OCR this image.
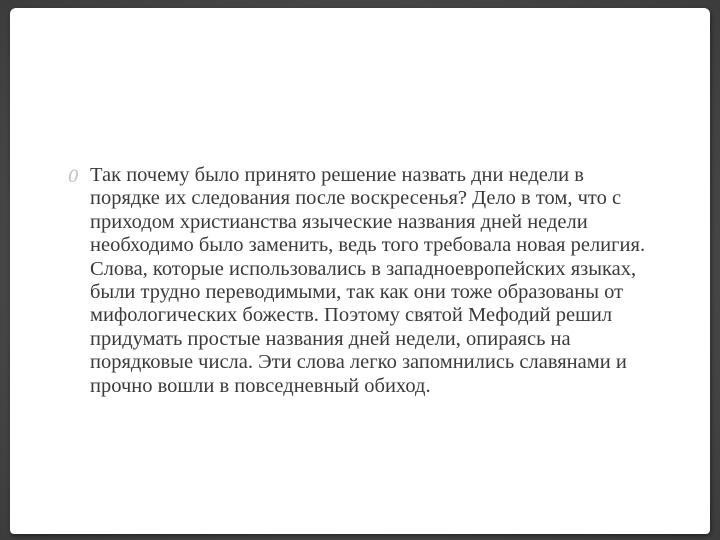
0 Так почему было принято решение назвать дни недели в порядке их следования после воскресенья? Дело в том, что с приходом христианства языческие названия дней недели необходимо было заменить, ведь того требовала новая религия. Слова, которые использовались в западноевропейских языках, были трудно переводимыми, так как они тоже образованы от мифологических божеств. Поэтому святой Мефодий решил придумать простые названия дней недели, опираясь на порядковые числа. Эти слова легко запомнились славянами и прочно вошли в повседневный обиход.
